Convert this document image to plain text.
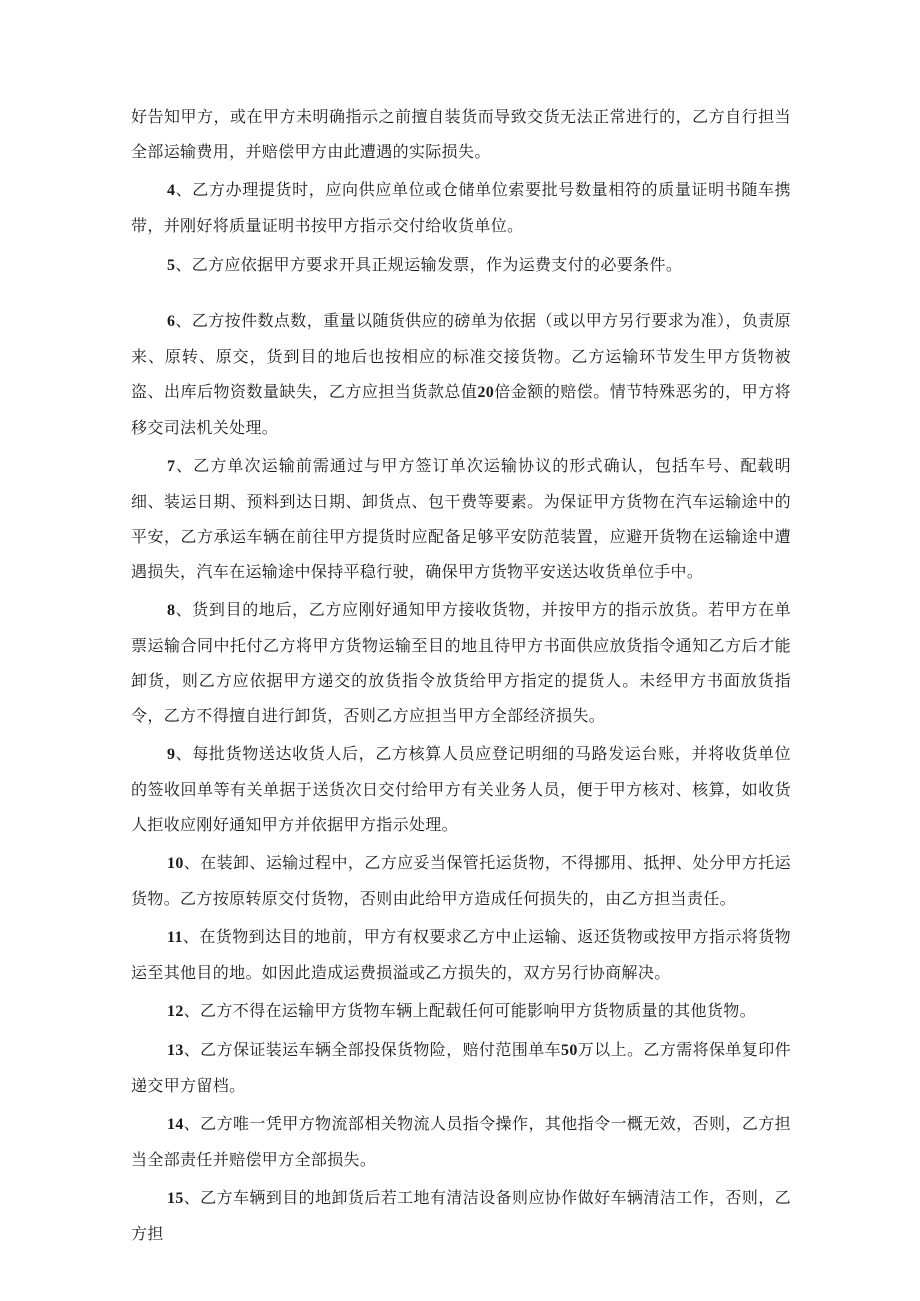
好告知甲方，或在甲方未明确指示之前擅自装货而导致交货无法正常进行的，乙方自行担当全部运输费用，并赔偿甲方由此遭遇的实际损失。

4、乙方办理提货时，应向供应单位或仓储单位索要批号数量相符的质量证明书随车携带，并刚好将质量证明书按甲方指示交付给收货单位。

5、乙方应依据甲方要求开具正规运输发票，作为运费支付的必要条件。

6、乙方按件数点数，重量以随货供应的磅单为依据（或以甲方另行要求为准），负责原来、原转、原交，货到目的地后也按相应的标准交接货物。乙方运输环节发生甲方货物被盗、出库后物资数量缺失，乙方应担当货款总值20倍金额的赔偿。情节特殊恶劣的，甲方将移交司法机关处理。

7、乙方单次运输前需通过与甲方签订单次运输协议的形式确认，包括车号、配载明细、装运日期、预料到达日期、卸货点、包干费等要素。为保证甲方货物在汽车运输途中的平安，乙方承运车辆在前往甲方提货时应配备足够平安防范装置，应避开货物在运输途中遭遇损失，汽车在运输途中保持平稳行驶，确保甲方货物平安送达收货单位手中。

8、货到目的地后，乙方应刚好通知甲方接收货物，并按甲方的指示放货。若甲方在单票运输合同中托付乙方将甲方货物运输至目的地且待甲方书面供应放货指令通知乙方后才能卸货，则乙方应依据甲方递交的放货指令放货给甲方指定的提货人。未经甲方书面放货指令，乙方不得擅自进行卸货，否则乙方应担当甲方全部经济损失。

9、每批货物送达收货人后，乙方核算人员应登记明细的马路发运台账，并将收货单位的签收回单等有关单据于送货次日交付给甲方有关业务人员，便于甲方核对、核算，如收货人拒收应刚好通知甲方并依据甲方指示处理。

10、在装卸、运输过程中，乙方应妥当保管托运货物，不得挪用、抵押、处分甲方托运货物。乙方按原转原交付货物，否则由此给甲方造成任何损失的，由乙方担当责任。

11、在货物到达目的地前，甲方有权要求乙方中止运输、返还货物或按甲方指示将货物运至其他目的地。如因此造成运费损溢或乙方损失的，双方另行协商解决。

12、乙方不得在运输甲方货物车辆上配载任何可能影响甲方货物质量的其他货物。

13、乙方保证装运车辆全部投保货物险，赔付范围单车50万以上。乙方需将保单复印件递交甲方留档。

14、乙方唯一凭甲方物流部相关物流人员指令操作，其他指令一概无效，否则，乙方担当全部责任并赔偿甲方全部损失。

15、乙方车辆到目的地卸货后若工地有清洁设备则应协作做好车辆清洁工作，否则，乙方担
